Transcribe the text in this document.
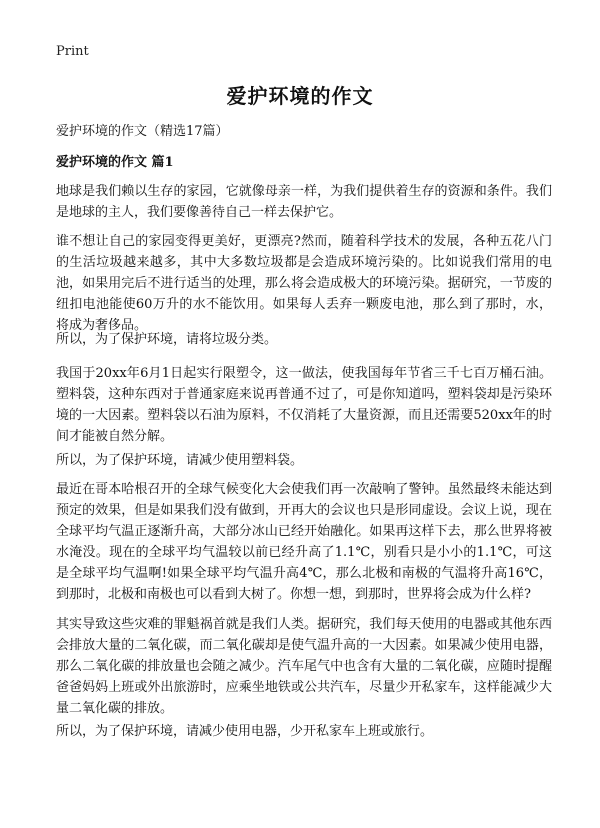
Print
爱护环境的作文
爱护环境的作文（精选17篇）
爱护环境的作文 篇1

地球是我们赖以生存的家园，它就像母亲一样，为我们提供着生存的资源和条件。我们是地球的主人，我们要像善待自己一样去保护它。

谁不想让自己的家园变得更美好，更漂亮?然而，随着科学技术的发展，各种五花八门的生活垃圾越来越多，其中大多数垃圾都是会造成环境污染的。比如说我们常用的电池，如果用完后不进行适当的处理，那么将会造成极大的环境污染。据研究，一节废的纽扣电池能使60万升的水不能饮用。如果每人丢弃一颗废电池，那么到了那时，水，将成为奢侈品。

所以，为了保护环境，请将垃圾分类。

我国于20xx年6月1日起实行限塑令，这一做法，使我国每年节省三千七百万桶石油。塑料袋，这种东西对于普通家庭来说再普通不过了，可是你知道吗，塑料袋却是污染环境的一大因素。塑料袋以石油为原料，不仅消耗了大量资源，而且还需要520xx年的时间才能被自然分解。

所以，为了保护环境，请减少使用塑料袋。

最近在哥本哈根召开的全球气候变化大会使我们再一次敲响了警钟。虽然最终未能达到预定的效果，但是如果我们没有做到，开再大的会议也只是形同虚设。会议上说，现在全球平均气温正逐渐升高，大部分冰山已经开始融化。如果再这样下去，那么世界将被水淹没。现在的全球平均气温较以前已经升高了1.1℃，别看只是小小的1.1℃，可这是全球平均气温啊!如果全球平均气温升高4℃，那么北极和南极的气温将升高16℃，到那时，北极和南极也可以看到大树了。你想一想，到那时，世界将会成为什么样?

其实导致这些灾难的罪魁祸首就是我们人类。据研究，我们每天使用的电器或其他东西会排放大量的二氧化碳，而二氧化碳却是使气温升高的一大因素。如果减少使用电器，那么二氧化碳的排放量也会随之减少。汽车尾气中也含有大量的二氧化碳，应随时提醒爸爸妈妈上班或外出旅游时，应乘坐地铁或公共汽车，尽量少开私家车，这样能减少大量二氧化碳的排放。

所以，为了保护环境，请减少使用电器，少开私家车上班或旅行。
